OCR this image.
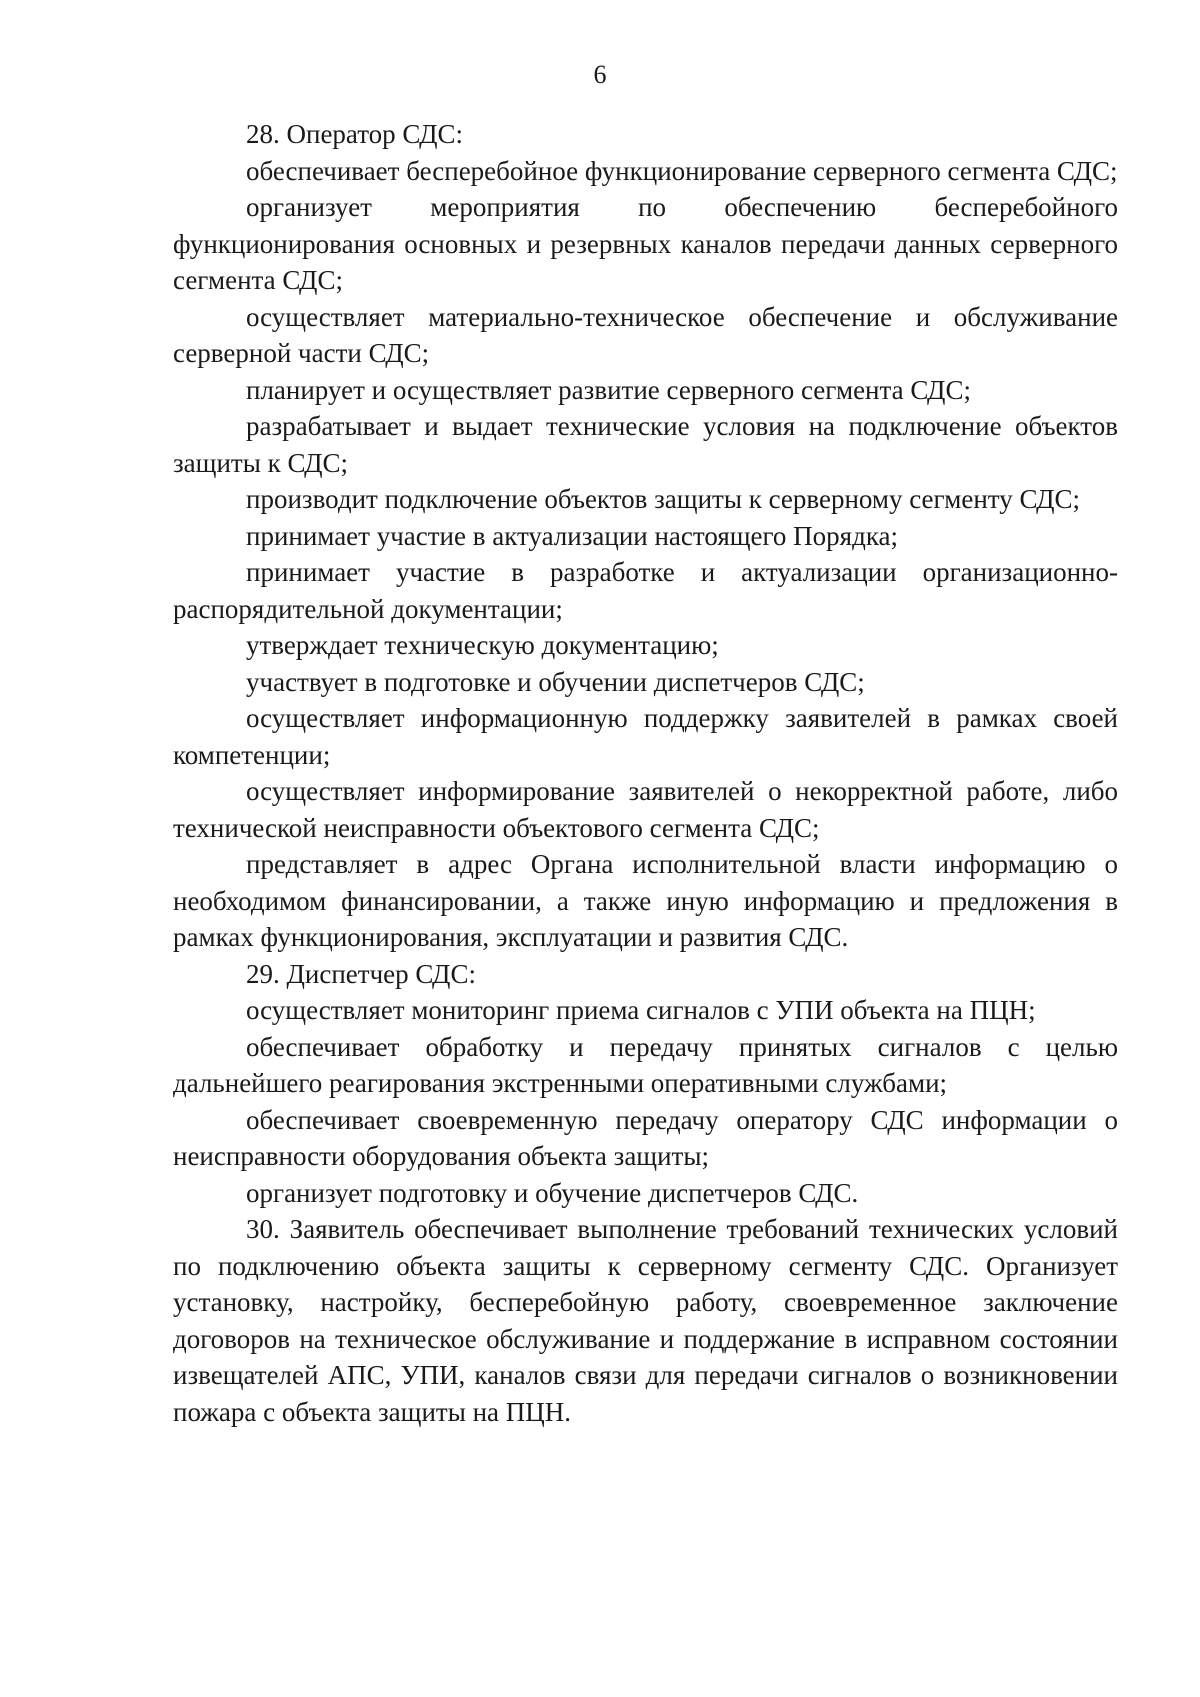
6

28. Оператор СДС:

обеспечивает бесперебойное функционирование серверного сегмента СДС;

организует мероприятия по обеспечению бесперебойного функционирования основных и резервных каналов передачи данных серверного сегмента СДС;

осуществляет материально-техническое обеспечение и обслуживание серверной части СДС;

планирует и осуществляет развитие серверного сегмента СДС;

разрабатывает и выдает технические условия на подключение объектов защиты к СДС;

производит подключение объектов защиты к серверному сегменту СДС;

принимает участие в актуализации настоящего Порядка;

принимает участие в разработке и актуализации организационно-распорядительной документации;

утверждает техническую документацию;

участвует в подготовке и обучении диспетчеров СДС;

осуществляет информационную поддержку заявителей в рамках своей компетенции;

осуществляет информирование заявителей о некорректной работе, либо технической неисправности объектового сегмента СДС;

представляет в адрес Органа исполнительной власти информацию о необходимом финансировании, а также иную информацию и предложения в рамках функционирования, эксплуатации и развития СДС.

29. Диспетчер СДС:

осуществляет мониторинг приема сигналов с УПИ объекта на ПЦН;

обеспечивает обработку и передачу принятых сигналов с целью дальнейшего реагирования экстренными оперативными службами;

обеспечивает своевременную передачу оператору СДС информации о неисправности оборудования объекта защиты;

организует подготовку и обучение диспетчеров СДС.

30. Заявитель обеспечивает выполнение требований технических условий по подключению объекта защиты к серверному сегменту СДС. Организует установку, настройку, бесперебойную работу, своевременное заключение договоров на техническое обслуживание и поддержание в исправном состоянии извещателей АПС, УПИ, каналов связи для передачи сигналов о возникновении пожара с объекта защиты на ПЦН.
